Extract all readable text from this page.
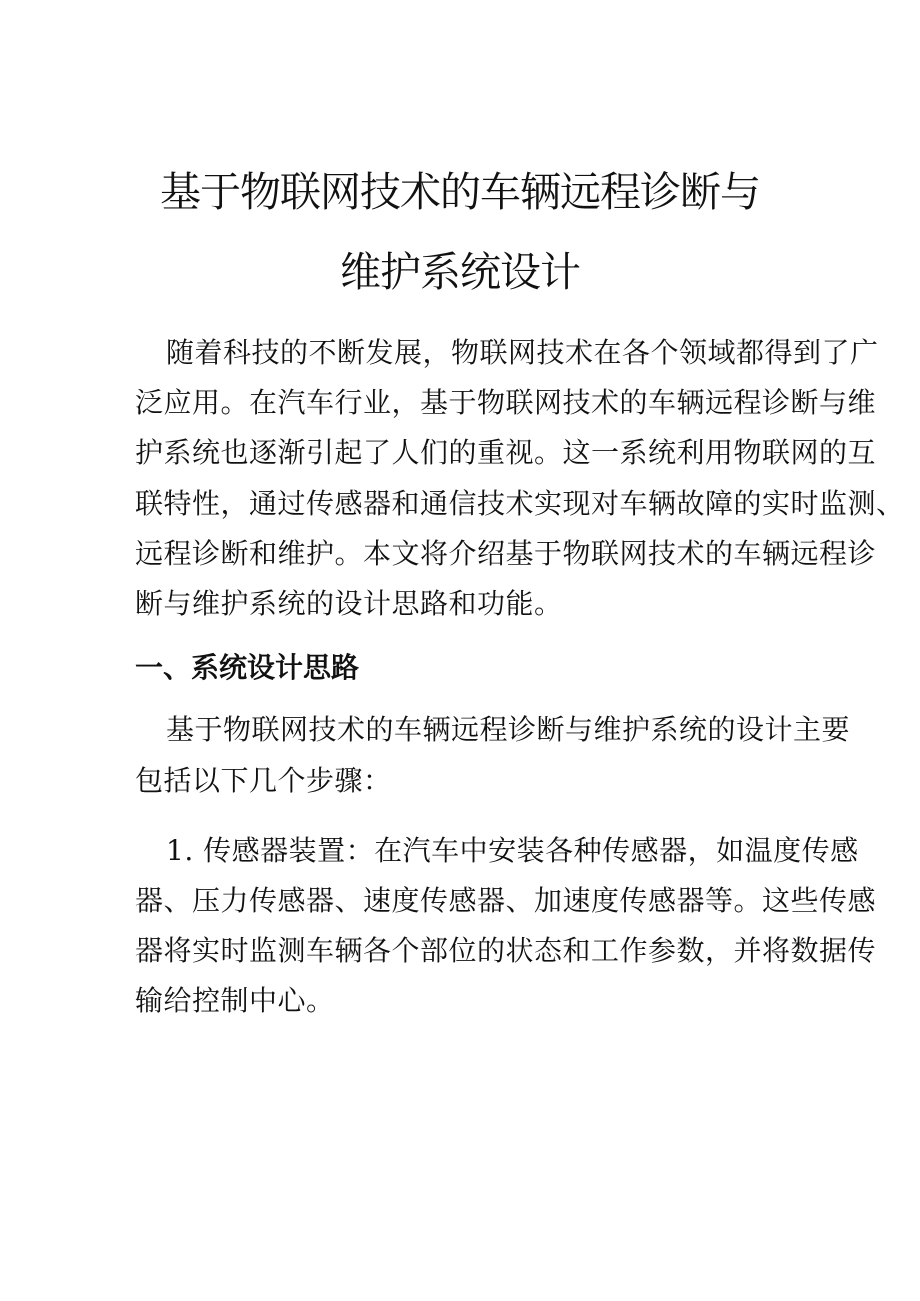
基于物联网技术的车辆远程诊断与
维护系统设计

随着科技的不断发展，物联网技术在各个领域都得到了广

泛应用。在汽车行业，基于物联网技术的车辆远程诊断与维

护系统也逐渐引起了人们的重视。这一系统利用物联网的互

联特性，通过传感器和通信技术实现对车辆故障的实时监测、

远程诊断和维护。本文将介绍基于物联网技术的车辆远程诊

断与维护系统的设计思路和功能。

一、系统设计思路

基于物联网技术的车辆远程诊断与维护系统的设计主要

包括以下几个步骤：

1. 传感器装置：在汽车中安装各种传感器，如温度传感

器、压力传感器、速度传感器、加速度传感器等。这些传感

器将实时监测车辆各个部位的状态和工作参数，并将数据传

输给控制中心。
